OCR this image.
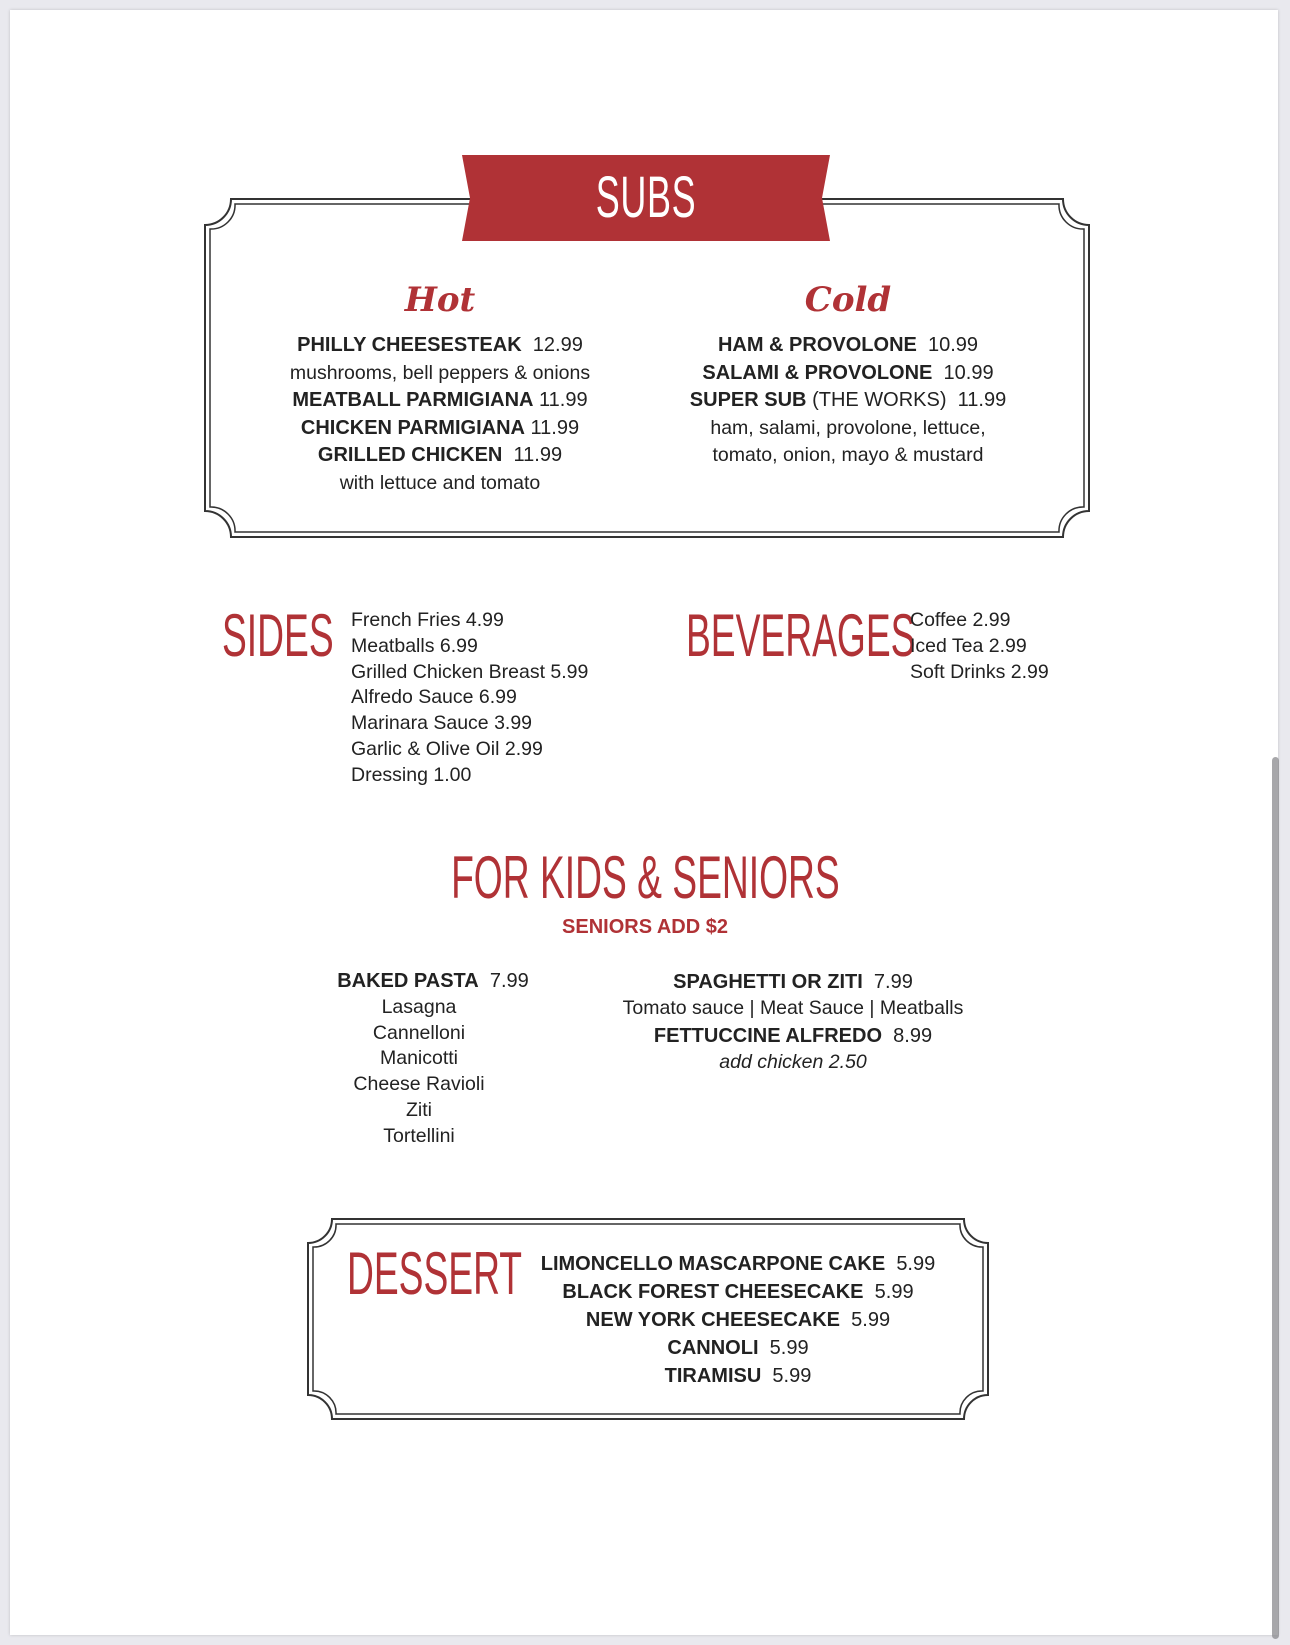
SUBS
Hot	Cold
PHILLY CHEESESTEAK 12.99
mushrooms, bell peppers & onions
MEATBALL PARMIGIANA 11.99
CHICKEN PARMIGIANA 11.99
GRILLED CHICKEN 11.99
with lettuce and tomato
HAM & PROVOLONE 10.99
SALAMI & PROVOLONE 10.99
SUPER SUB (THE WORKS) 11.99
ham, salami, provolone, lettuce,
tomato, onion, mayo & mustard
SIDES French Fries 4.99
Meatballs 6.99
Grilled Chicken Breast 5.99
Alfredo Sauce 6.99
Marinara Sauce 3.99
Garlic & Olive Oil 2.99
Dressing 1.00
BEVERAGES
Coffee 2.99
Iced Tea 2.99
Soft Drinks 2.99
FOR KIDS & SENIORS
SENIORS ADD $2
BAKED PASTA 7.99
Lasagna
Cannelloni
Manicotti
Cheese Ravioli
Ziti
Tortellini
SPAGHETTI OR ZITI 7.99
Tomato sauce | Meat Sauce | Meatballs
FETTUCCINE ALFREDO 8.99
add chicken 2.50
DESSERT LIMONCELLO MASCARPONE CAKE 5.99
BLACK FOREST CHEESECAKE 5.99
NEW YORK CHEESECAKE 5.99
CANNOLI 5.99
TIRAMISU 5.99
